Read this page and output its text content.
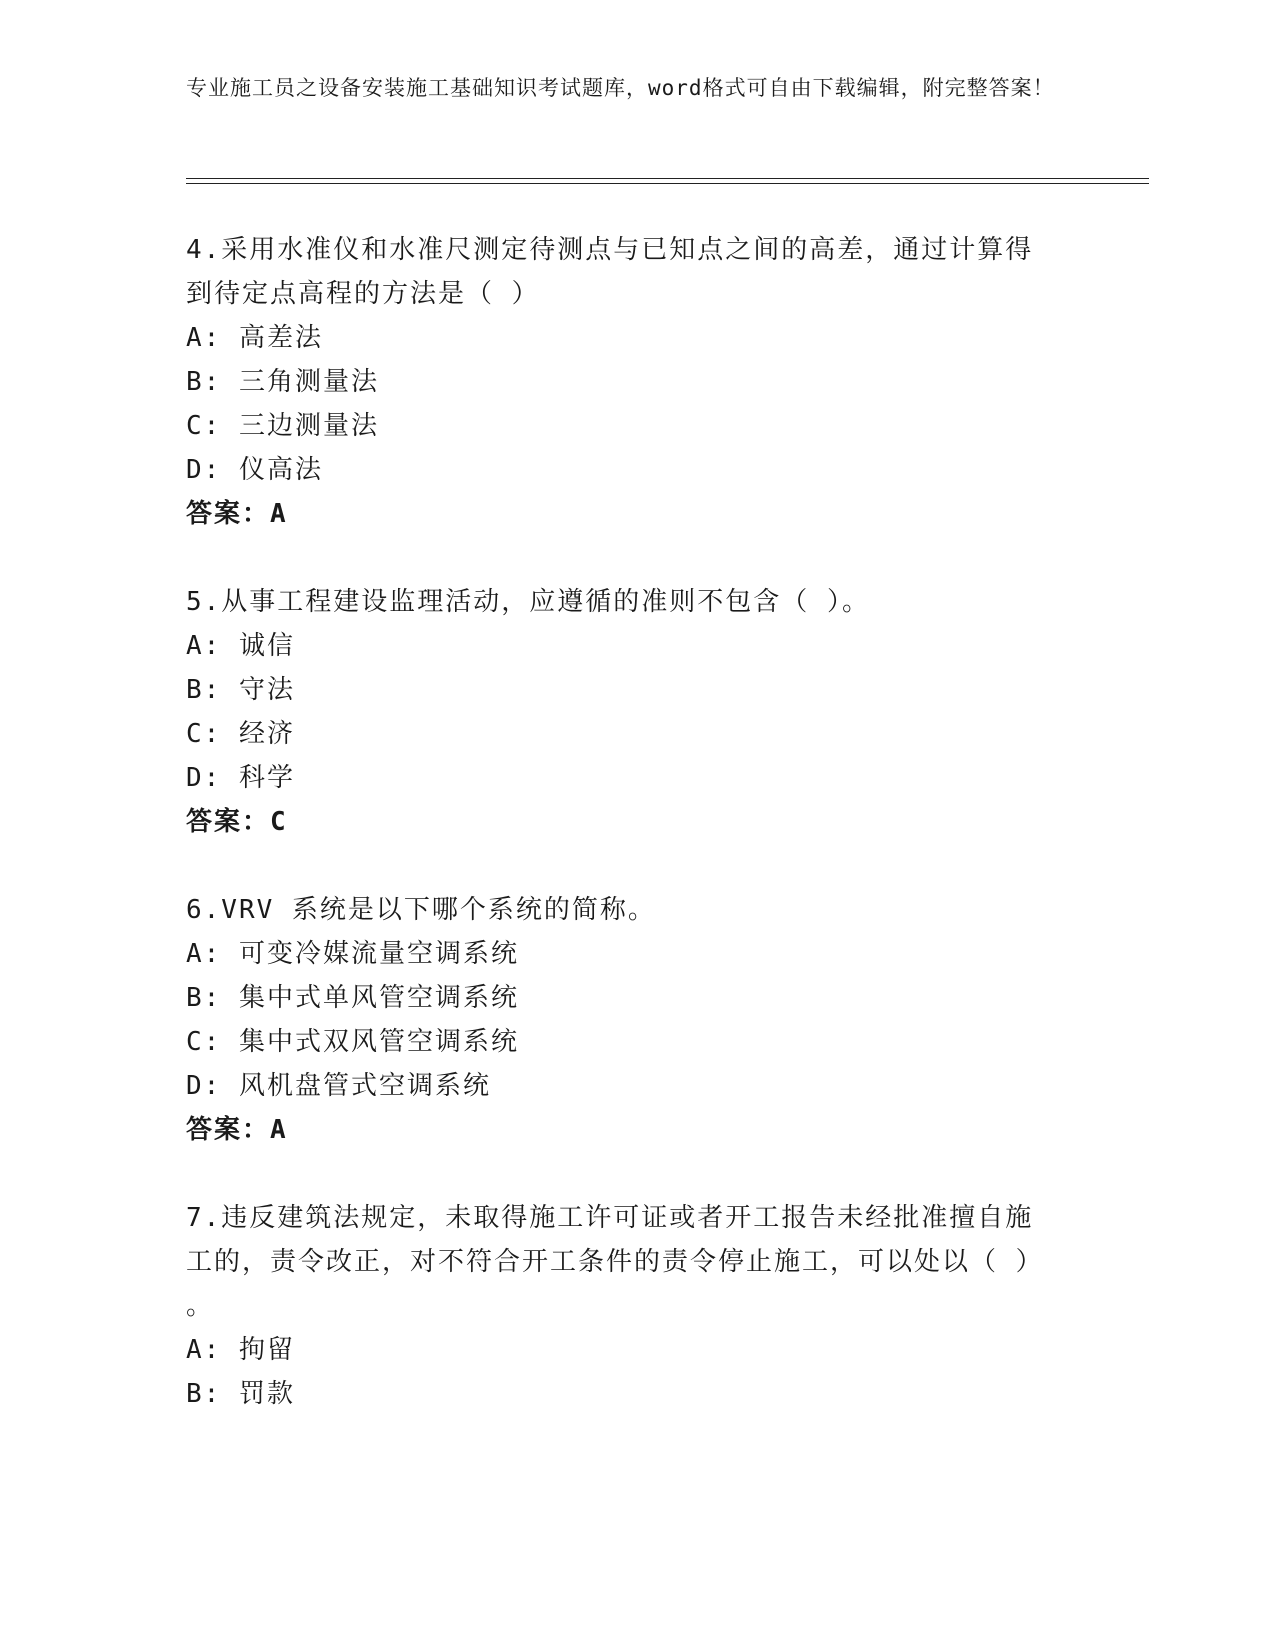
专业施工员之设备安装施工基础知识考试题库，word格式可自由下载编辑，附完整答案！
4.采用水准仪和水准尺测定待测点与已知点之间的高差，通过计算得
到待定点高程的方法是（ ）
A: 高差法
B: 三角测量法
C: 三边测量法
D: 仪高法
答案：A
5.从事工程建设监理活动，应遵循的准则不包含（ ）。
A: 诚信
B: 守法
C: 经济
D: 科学
答案：C
6.VRV 系统是以下哪个系统的简称。
A: 可变冷媒流量空调系统
B: 集中式单风管空调系统
C: 集中式双风管空调系统
D: 风机盘管式空调系统
答案：A
7.违反建筑法规定，未取得施工许可证或者开工报告未经批准擅自施
工的，责令改正，对不符合开工条件的责令停止施工，可以处以（ ）
。
A: 拘留
B: 罚款
